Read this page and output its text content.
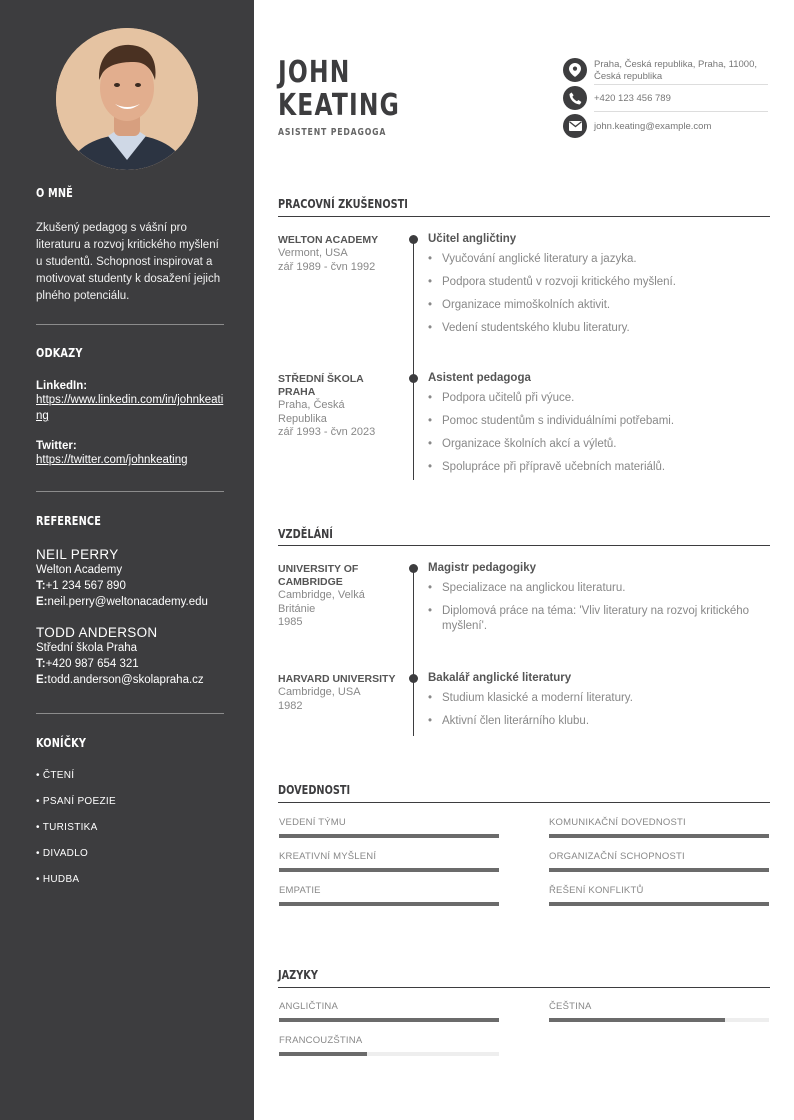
O MNĚ

Zkušený pedagog s vášní pro literaturu a rozvoj kritického myšlení u studentů. Schopnost inspirovat a motivovat studenty k dosažení jejich plného potenciálu.

ODKAZY
LinkedIn:
https://www.linkedin.com/in/johnkeating
Twitter:
https://twitter.com/johnkeating
REFERENCE

NEIL PERRY

Welton Academy

T:+1 234 567 890

E:neil.perry@weltonacademy.edu

TODD ANDERSON

Střední škola Praha

T:+420 987 654 321

E:todd.anderson@skolapraha.cz

KONÍČKY

• ČTENÍ

• PSANÍ POEZIE

• TURISTIKA

• DIVADLO

• HUDBA

JOHN
KEATING
ASISTENT PEDAGOGA
Praha, Česká republika, Praha, 11000, Česká republika
+420 123 456 789
john.keating@example.com
PRACOVNÍ ZKUŠENOSTI

WELTON ACADEMY

Vermont, USA

zář 1989 - čvn 1992

Učitel angličtiny

• Vyučování anglické literatury a jazyka.
• Podpora studentů v rozvoji kritického myšlení.
• Organizace mimoškolních aktivit.
• Vedení studentského klubu literatury.

STŘEDNÍ ŠKOLA PRAHA

Praha, Česká Republika

zář 1993 - čvn 2023

Asistent pedagoga

• Podpora učitelů při výuce.
• Pomoc studentům s individuálními potřebami.
• Organizace školních akcí a výletů.
• Spolupráce při přípravě učebních materiálů.
VZDĚLÁNÍ

UNIVERSITY OF CAMBRIDGE

Cambridge, Velká Británie

1985

Magistr pedagogiky

• Specializace na anglickou literaturu.
• Diplomová práce na téma: 'Vliv literatury na rozvoj kritického myšlení'.

HARVARD UNIVERSITY

Cambridge, USA

1982

Bakalář anglické literatury

• Studium klasické a moderní literatury.
• Aktivní člen literárního klubu.
DOVEDNOSTI
VEDENÍ TÝMU	KOMUNIKAČNÍ DOVEDNOSTI
KREATIVNÍ MYŠLENÍ	ORGANIZAČNÍ SCHOPNOSTI
EMPATIE	ŘEŠENÍ KONFLIKTŮ
JAZYKY
ANGLIČTINA	ČEŠTINA
FRANCOUZŠTINA
